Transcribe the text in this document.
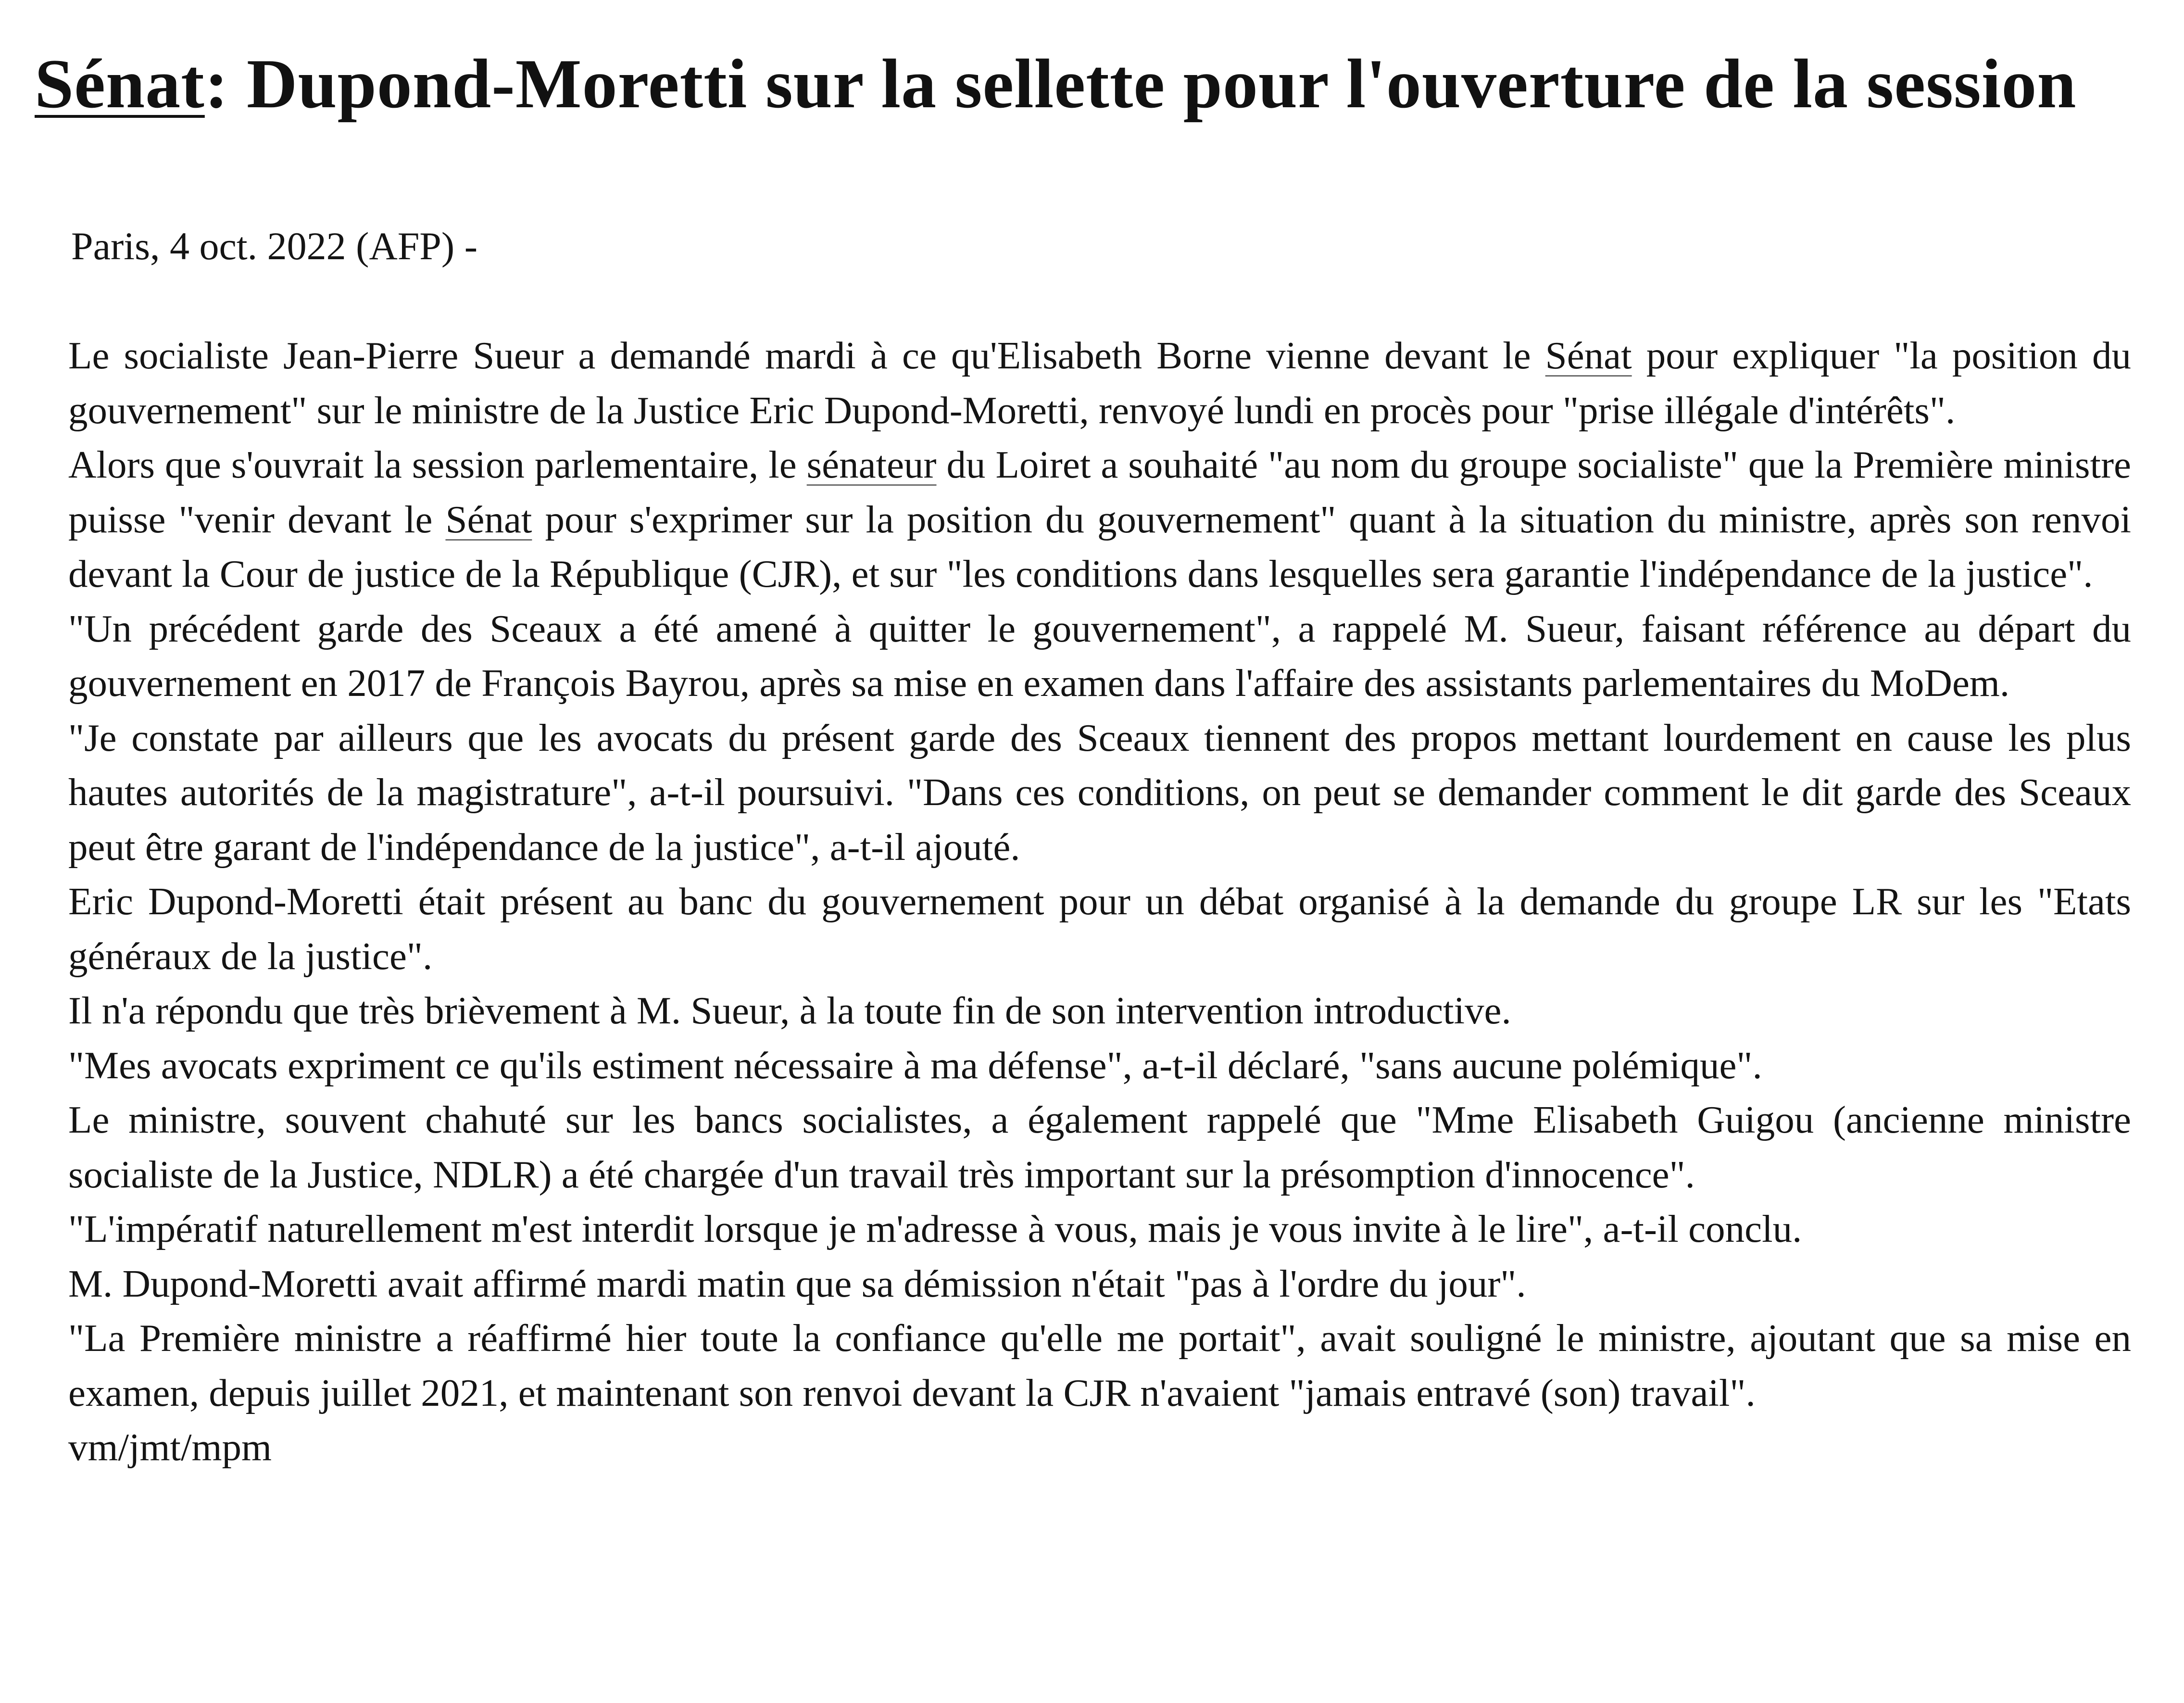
Sénat: Dupond-Moretti sur la sellette pour l'ouverture de la session

Paris, 4 oct. 2022 (AFP) -

Le socialiste Jean-Pierre Sueur a demandé mardi à ce qu'Elisabeth Borne vienne devant le Sénat pour expliquer "la position du gouvernement" sur le ministre de la Justice Eric Dupond-Moretti, renvoyé lundi en procès pour "prise illégale d'intérêts".

Alors que s'ouvrait la session parlementaire, le sénateur du Loiret a souhaité "au nom du groupe socialiste" que la Première ministre puisse "venir devant le Sénat pour s'exprimer sur la position du gouvernement" quant à la situation du ministre, après son renvoi devant la Cour de justice de la République (CJR), et sur "les conditions dans lesquelles sera garantie l'indépendance de la justice".

"Un précédent garde des Sceaux a été amené à quitter le gouvernement", a rappelé M. Sueur, faisant référence au départ du gouvernement en 2017 de François Bayrou, après sa mise en examen dans l'affaire des assistants parlementaires du MoDem.

"Je constate par ailleurs que les avocats du présent garde des Sceaux tiennent des propos mettant lourdement en cause les plus hautes autorités de la magistrature", a-t-il poursuivi. "Dans ces conditions, on peut se demander comment le dit garde des Sceaux peut être garant de l'indépendance de la justice", a-t-il ajouté.

Eric Dupond-Moretti était présent au banc du gouvernement pour un débat organisé à la demande du groupe LR sur les "Etats généraux de la justice".

Il n'a répondu que très brièvement à M. Sueur, à la toute fin de son intervention introductive.

"Mes avocats expriment ce qu'ils estiment nécessaire à ma défense", a-t-il déclaré, "sans aucune polémique".

Le ministre, souvent chahuté sur les bancs socialistes, a également rappelé que "Mme Elisabeth Guigou (ancienne ministre socialiste de la Justice, NDLR) a été chargée d'un travail très important sur la présomption d'innocence".

"L'impératif naturellement m'est interdit lorsque je m'adresse à vous, mais je vous invite à le lire", a-t-il conclu.

M. Dupond-Moretti avait affirmé mardi matin que sa démission n'était "pas à l'ordre du jour".

"La Première ministre a réaffirmé hier toute la confiance qu'elle me portait", avait souligné le ministre, ajoutant que sa mise en examen, depuis juillet 2021, et maintenant son renvoi devant la CJR n'avaient "jamais entravé (son) travail".

vm/jmt/mpm
